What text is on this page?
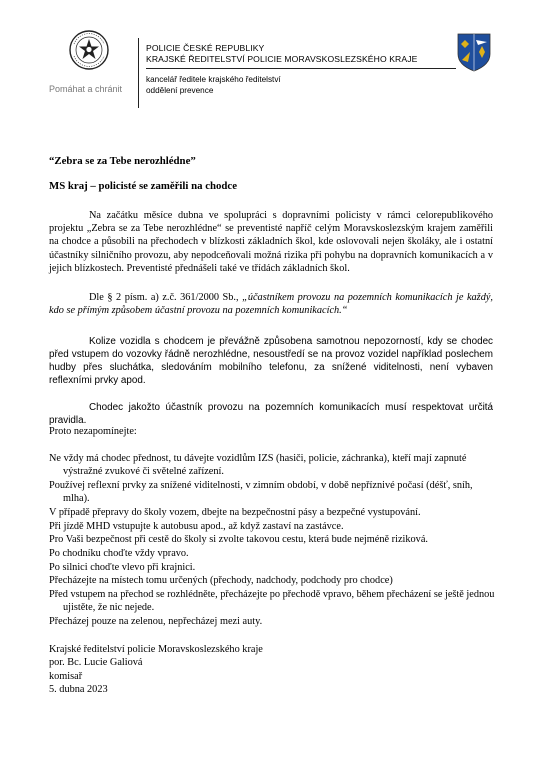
Pomáhat a chránit
POLICIE ČESKÉ REPUBLIKY
KRAJSKÉ ŘEDITELSTVÍ POLICIE MORAVSKOSLEZSKÉHO KRAJE
kancelář ředitele krajského ředitelství
oddělení prevence
“Zebra se za Tebe nerozhlédne”
MS kraj – policisté se zaměřili na chodce
Na začátku měsíce dubna ve spolupráci s dopravními policisty v rámci celorepublikového projektu „Zebra se za Tebe nerozhlédne“ se preventisté napříč celým Moravskoslezským krajem zaměřili na chodce a působili na přechodech v blízkosti základních škol, kde oslovovali nejen školáky, ale i ostatní účastníky silničního provozu, aby nepodceňovali možná rizika při pohybu na dopravních komunikacích a v jejich blízkostech. Preventisté přednášeli také ve třídách základních škol.
Dle § 2 písm. a) z.č. 361/2000 Sb., „účastníkem provozu na pozemních komunikacích je každý, kdo se přímým způsobem účastní provozu na pozemních komunikacích.“
Kolize vozidla s chodcem je převážně způsobena samotnou nepozorností, kdy se chodec před vstupem do vozovky řádně nerozhlédne, nesoustředí se na provoz vozidel například poslechem hudby přes sluchátka, sledováním mobilního telefonu, za snížené viditelnosti, není vybaven reflexními prvky apod.
Chodec jakožto účastník provozu na pozemních komunikacích musí respektovat určitá pravidla.
Proto nezapomínejte:
Ne vždy má chodec přednost, tu dávejte vozidlům IZS (hasiči, policie, záchranka), kteří mají zapnuté výstražné zvukové či světelné zařízení.
Používej reflexní prvky za snížené viditelnosti, v zimním období, v době nepříznivé počasí (déšť, sníh, mlha).
V případě přepravy do školy vozem, dbejte na bezpečnostní pásy a bezpečné vystupování.
Při jízdě MHD vstupujte k autobusu apod., až když zastaví na zastávce.
Pro Vaši bezpečnost při cestě do školy si zvolte takovou cestu, která bude nejméně riziková.
Po chodníku choďte vždy vpravo.
Po silnici choďte vlevo při krajnici.
Přecházejte na místech tomu určených (přechody, nadchody, podchody pro chodce)
Před vstupem na přechod se rozhlédněte, přecházejte po přechodě vpravo, během přecházení se ještě jednou ujistěte, že nic nejede.
Přecházej pouze na zelenou, nepřecházej mezi auty.
Krajské ředitelství policie Moravskoslezského kraje
por. Bc. Lucie Galiová
komisař
5. dubna 2023
